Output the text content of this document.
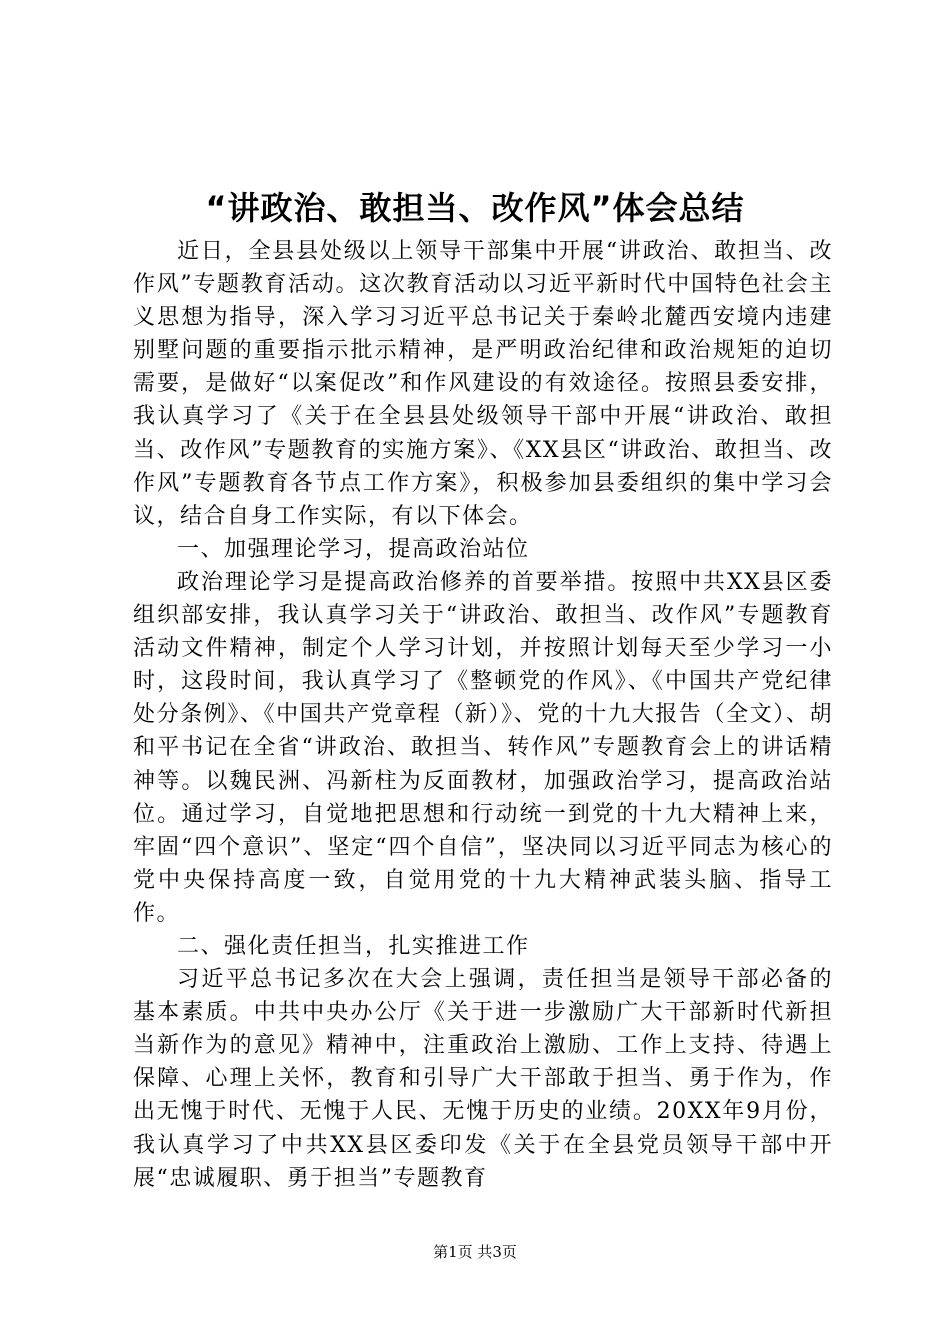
“讲政治、敢担当、改作风”体会总结

近日，全县县处级以上领导干部集中开展“讲政治、敢担当、改作风”专题教育活动。这次教育活动以习近平新时代中国特色社会主义思想为指导，深入学习习近平总书记关于秦岭北麓西安境内违建别墅问题的重要指示批示精神，是严明政治纪律和政治规矩的迫切需要，是做好“以案促改”和作风建设的有效途径。按照县委安排，我认真学习了《关于在全县县处级领导干部中开展“讲政治、敢担当、改作风”专题教育的实施方案》、《XX县区“讲政治、敢担当、改作风”专题教育各节点工作方案》，积极参加县委组织的集中学习会议，结合自身工作实际，有以下体会。

一、加强理论学习，提高政治站位

政治理论学习是提高政治修养的首要举措。按照中共XX县区委组织部安排，我认真学习关于“讲政治、敢担当、改作风”专题教育活动文件精神，制定个人学习计划，并按照计划每天至少学习一小时，这段时间，我认真学习了《整顿党的作风》、《中国共产党纪律处分条例》、《中国共产党章程（新）》、党的十九大报告（全文）、胡和平书记在全省“讲政治、敢担当、转作风”专题教育会上的讲话精神等。以魏民洲、冯新柱为反面教材，加强政治学习，提高政治站位。通过学习，自觉地把思想和行动统一到党的十九大精神上来，牢固“四个意识”、坚定“四个自信”，坚决同以习近平同志为核心的党中央保持高度一致，自觉用党的十九大精神武装头脑、指导工作。

二、强化责任担当，扎实推进工作

习近平总书记多次在大会上强调，责任担当是领导干部必备的基本素质。中共中央办公厅《关于进一步激励广大干部新时代新担当新作为的意见》精神中，注重政治上激励、工作上支持、待遇上保障、心理上关怀，教育和引导广大干部敢于担当、勇于作为，作出无愧于时代、无愧于人民、无愧于历史的业绩。20XX年9月份，我认真学习了中共XX县区委印发《关于在全县党员领导干部中开展“忠诚履职、勇于担当”专题教育

第1页 共3页
